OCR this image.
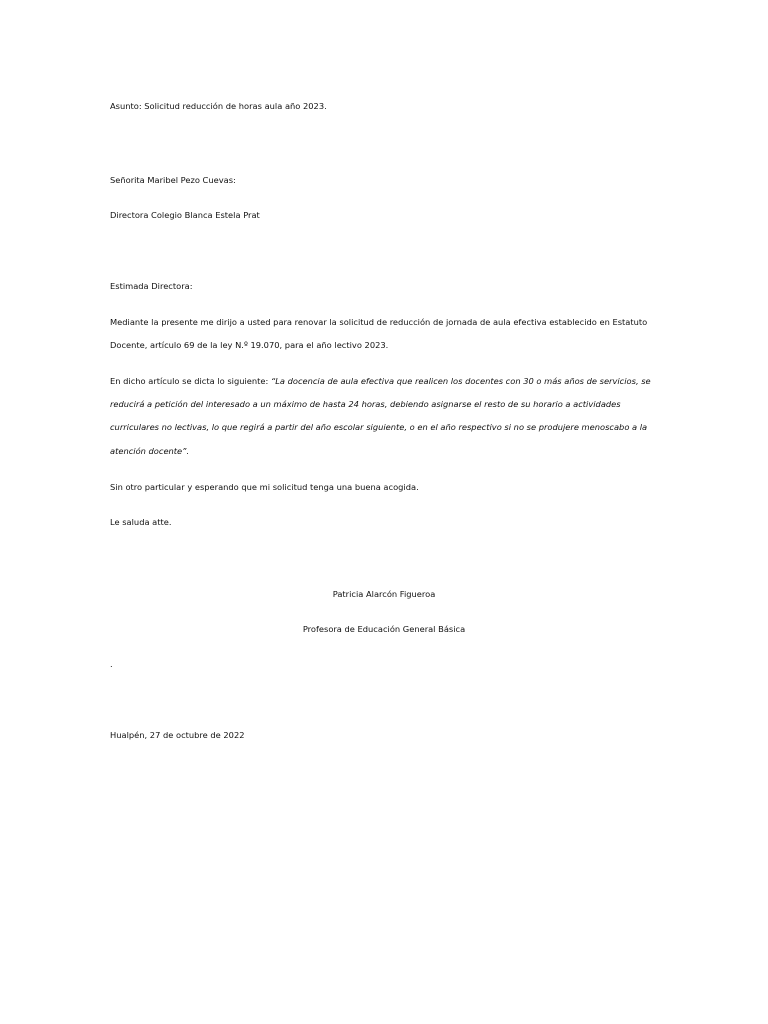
Asunto: Solicitud reducción de horas aula año 2023.
Señorita Maribel Pezo Cuevas:
Directora Colegio Blanca Estela Prat
Estimada Directora:
Mediante la presente me dirijo a usted para renovar la solicitud de reducción de jornada de aula efectiva establecido en Estatuto
Docente, artículo 69 de la ley N.º 19.070, para el año lectivo 2023.
En dicho artículo se dicta lo siguiente: “La docencia de aula efectiva que realicen los docentes con 30 o más años de servicios, se
reducirá a petición del interesado a un máximo de hasta 24 horas, debiendo asignarse el resto de su horario a actividades
curriculares no lectivas, lo que regirá a partir del año escolar siguiente, o en el año respectivo si no se produjere menoscabo a la
atención docente”.
Sin otro particular y esperando que mi solicitud tenga una buena acogida.
Le saluda atte.
Patricia Alarcón Figueroa
Profesora de Educación General Básica
.
Hualpén, 27 de octubre de 2022
